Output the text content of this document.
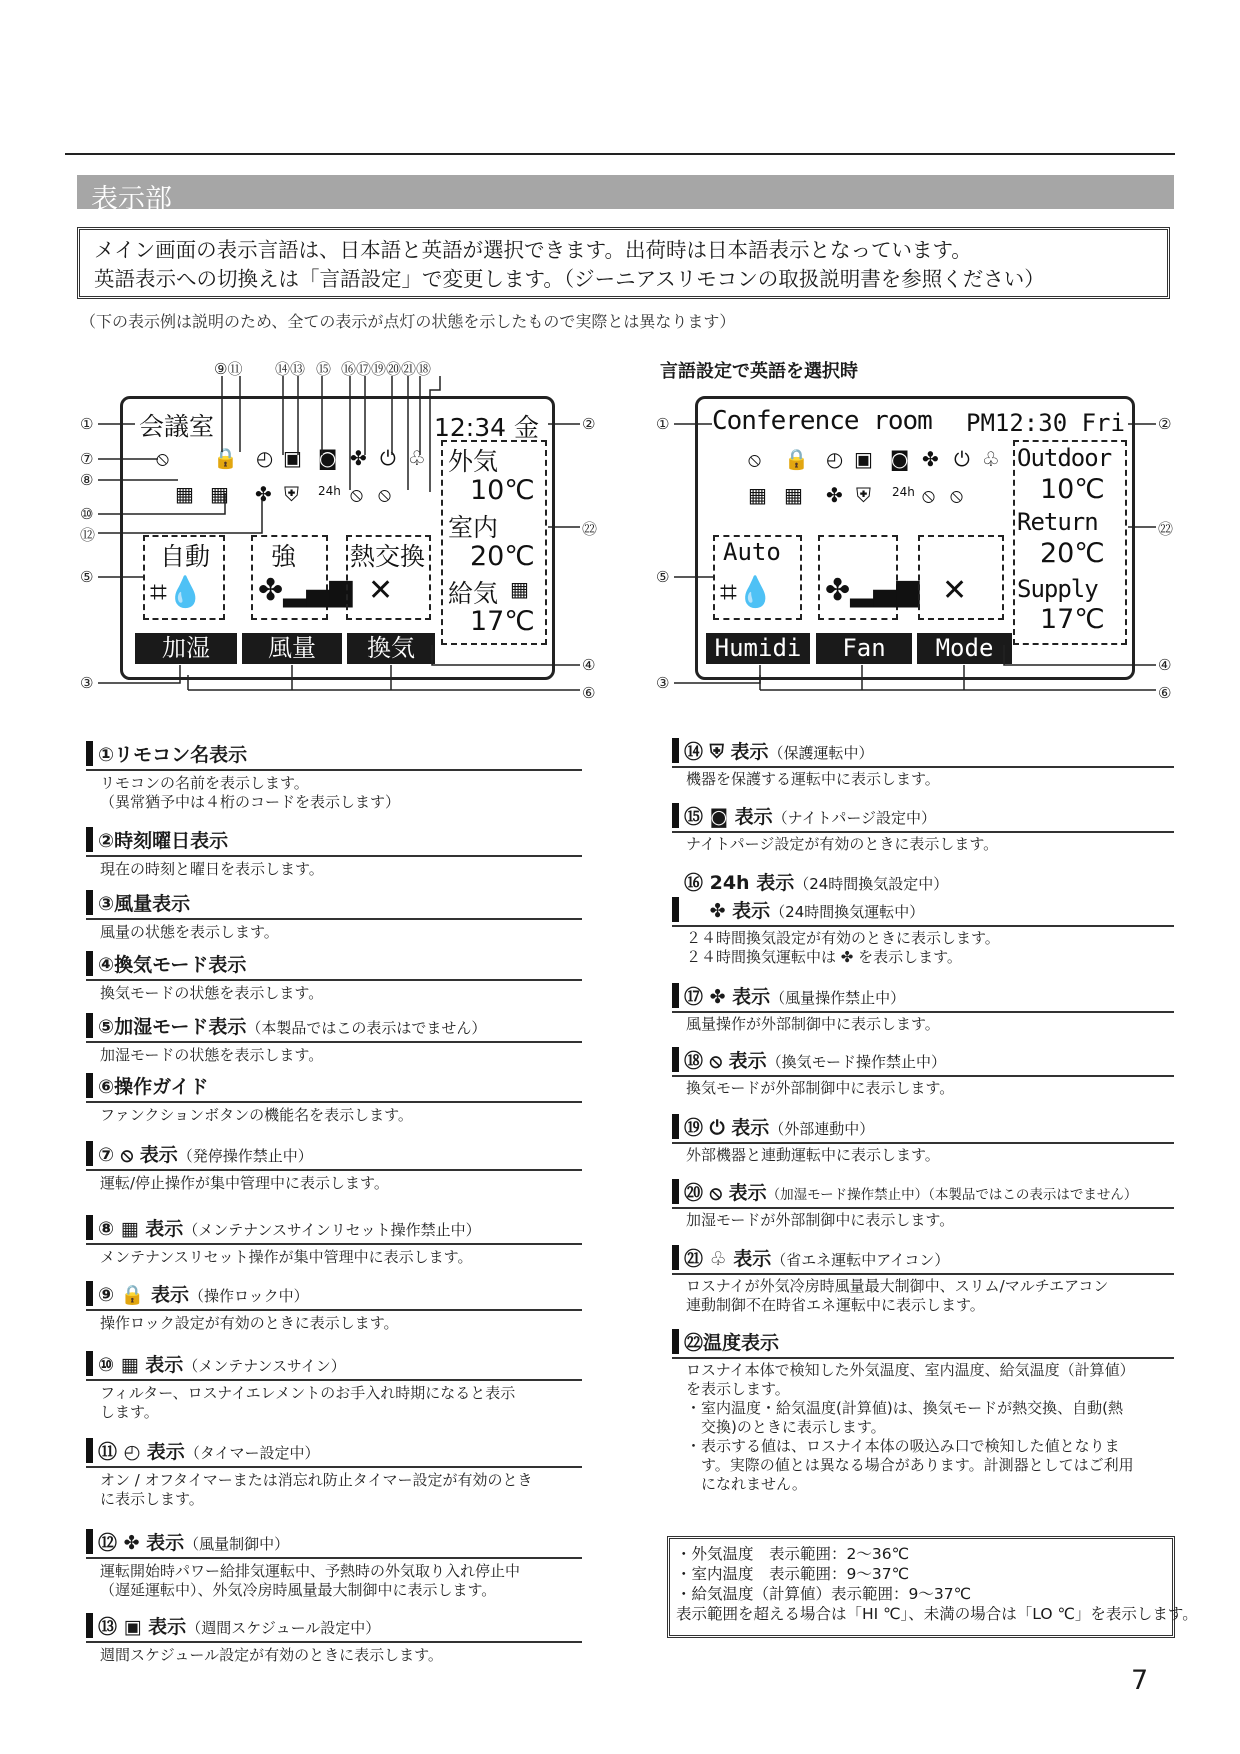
表示部
メイン画面の表示言語は、日本語と英語が選択できます。出荷時は日本語表示となっています。
英語表示への切換えは「言語設定」で変更します。（ジーニアスリモコンの取扱説明書を参照ください）
（下の表示例は説明のため、全ての表示が点灯の状態を示したもので実際とは異なります）
会議室	12:34 金
⦸ 🔒 ◴ ▣ ◙ ✤ ⏻ ♧
▦ ▦ ✤ ⛨ 24h ⦸ ⦸
自動
⌗💧
強
✤▂▄▆
熱交換
✕
外気
10℃
室内
20℃
給気 ▦
17℃
加湿	風量	換気
⑨⑪ ⑭⑬ ⑮ ⑯⑰⑲⑳㉑⑱
①
⑦
⑧
⑩
⑫
⑤
③
②
㉒
④
⑥
言語設定で英語を選択時
Conference room PM12:30 Fri
⦸ 🔒 ◴ ▣ ◙ ✤ ⏻ ♧
▦ ▦ ✤ ⛨ 24h ⦸ ⦸
Auto
⌗💧 ✤▂▄▆ ✕
Outdoor
10℃
Return
20℃
Supply
17℃
Humidi	Fan	Mode
①
⑤
③
②
㉒
④
⑥
①リモコン名表示
リモコンの名前を表示します。
（異常猶予中は４桁のコードを表示します）
②時刻曜日表示
現在の時刻と曜日を表示します。
③風量表示
風量の状態を表示します。
④換気モード表示
換気モードの状態を表示します。
⑤加湿モード表示（本製品ではこの表示はでません）
加湿モードの状態を表示します。
⑥操作ガイド
ファンクションボタンの機能名を表示します。
⑦ ⦸ 表示（発停操作禁止中）
運転/停止操作が集中管理中に表示します。
⑧ ▦ 表示（メンテナンスサインリセット操作禁止中）
メンテナンスリセット操作が集中管理中に表示します。
⑨ 🔒 表示（操作ロック中）
操作ロック設定が有効のときに表示します。
⑩ ▦ 表示（メンテナンスサイン）
フィルター、ロスナイエレメントのお手入れ時期になると表示
します。
⑪ ◴ 表示（タイマー設定中）
オン / オフタイマーまたは消忘れ防止タイマー設定が有効のとき
に表示します。
⑫ ✤ 表示（風量制御中）
運転開始時パワー給排気運転中、予熱時の外気取り入れ停止中
（遅延運転中）、外気冷房時風量最大制御中に表示します。
⑬ ▣ 表示（週間スケジュール設定中）
週間スケジュール設定が有効のときに表示します。
⑭ ⛨ 表示（保護運転中）
機器を保護する運転中に表示します。
⑮ ◙ 表示（ナイトパージ設定中）
ナイトパージ設定が有効のときに表示します。
⑯ 24h 表示（24時間換気設定中）
　 ✤ 表示（24時間換気運転中）
２４時間換気設定が有効のときに表示します。
２４時間換気運転中は ✤ を表示します。
⑰ ✤ 表示（風量操作禁止中）
風量操作が外部制御中に表示します。
⑱ ⦸ 表示（換気モード操作禁止中）
換気モードが外部制御中に表示します。
⑲ ⏻ 表示（外部連動中）
外部機器と連動運転中に表示します。
⑳ ⦸ 表示（加湿モード操作禁止中）（本製品ではこの表示はでません）
加湿モードが外部制御中に表示します。
㉑ ♧ 表示（省エネ運転中アイコン）
ロスナイが外気冷房時風量最大制御中、スリム/マルチエアコン
連動制御不在時省エネ運転中に表示します。
㉒温度表示
ロスナイ本体で検知した外気温度、室内温度、給気温度（計算値）
を表示します。
・室内温度・給気温度(計算値)は、換気モードが熱交換、自動(熱
　交換)のときに表示します。
・表示する値は、ロスナイ本体の吸込み口で検知した値となりま
　す。実際の値とは異なる場合があります。計測器としてはご利用
　になれません。
・外気温度　表示範囲：2〜36℃
・室内温度　表示範囲：9〜37℃
・給気温度（計算値）表示範囲：9〜37℃
表示範囲を超える場合は「HI ℃」、未満の場合は「LO ℃」を表示します。
7
